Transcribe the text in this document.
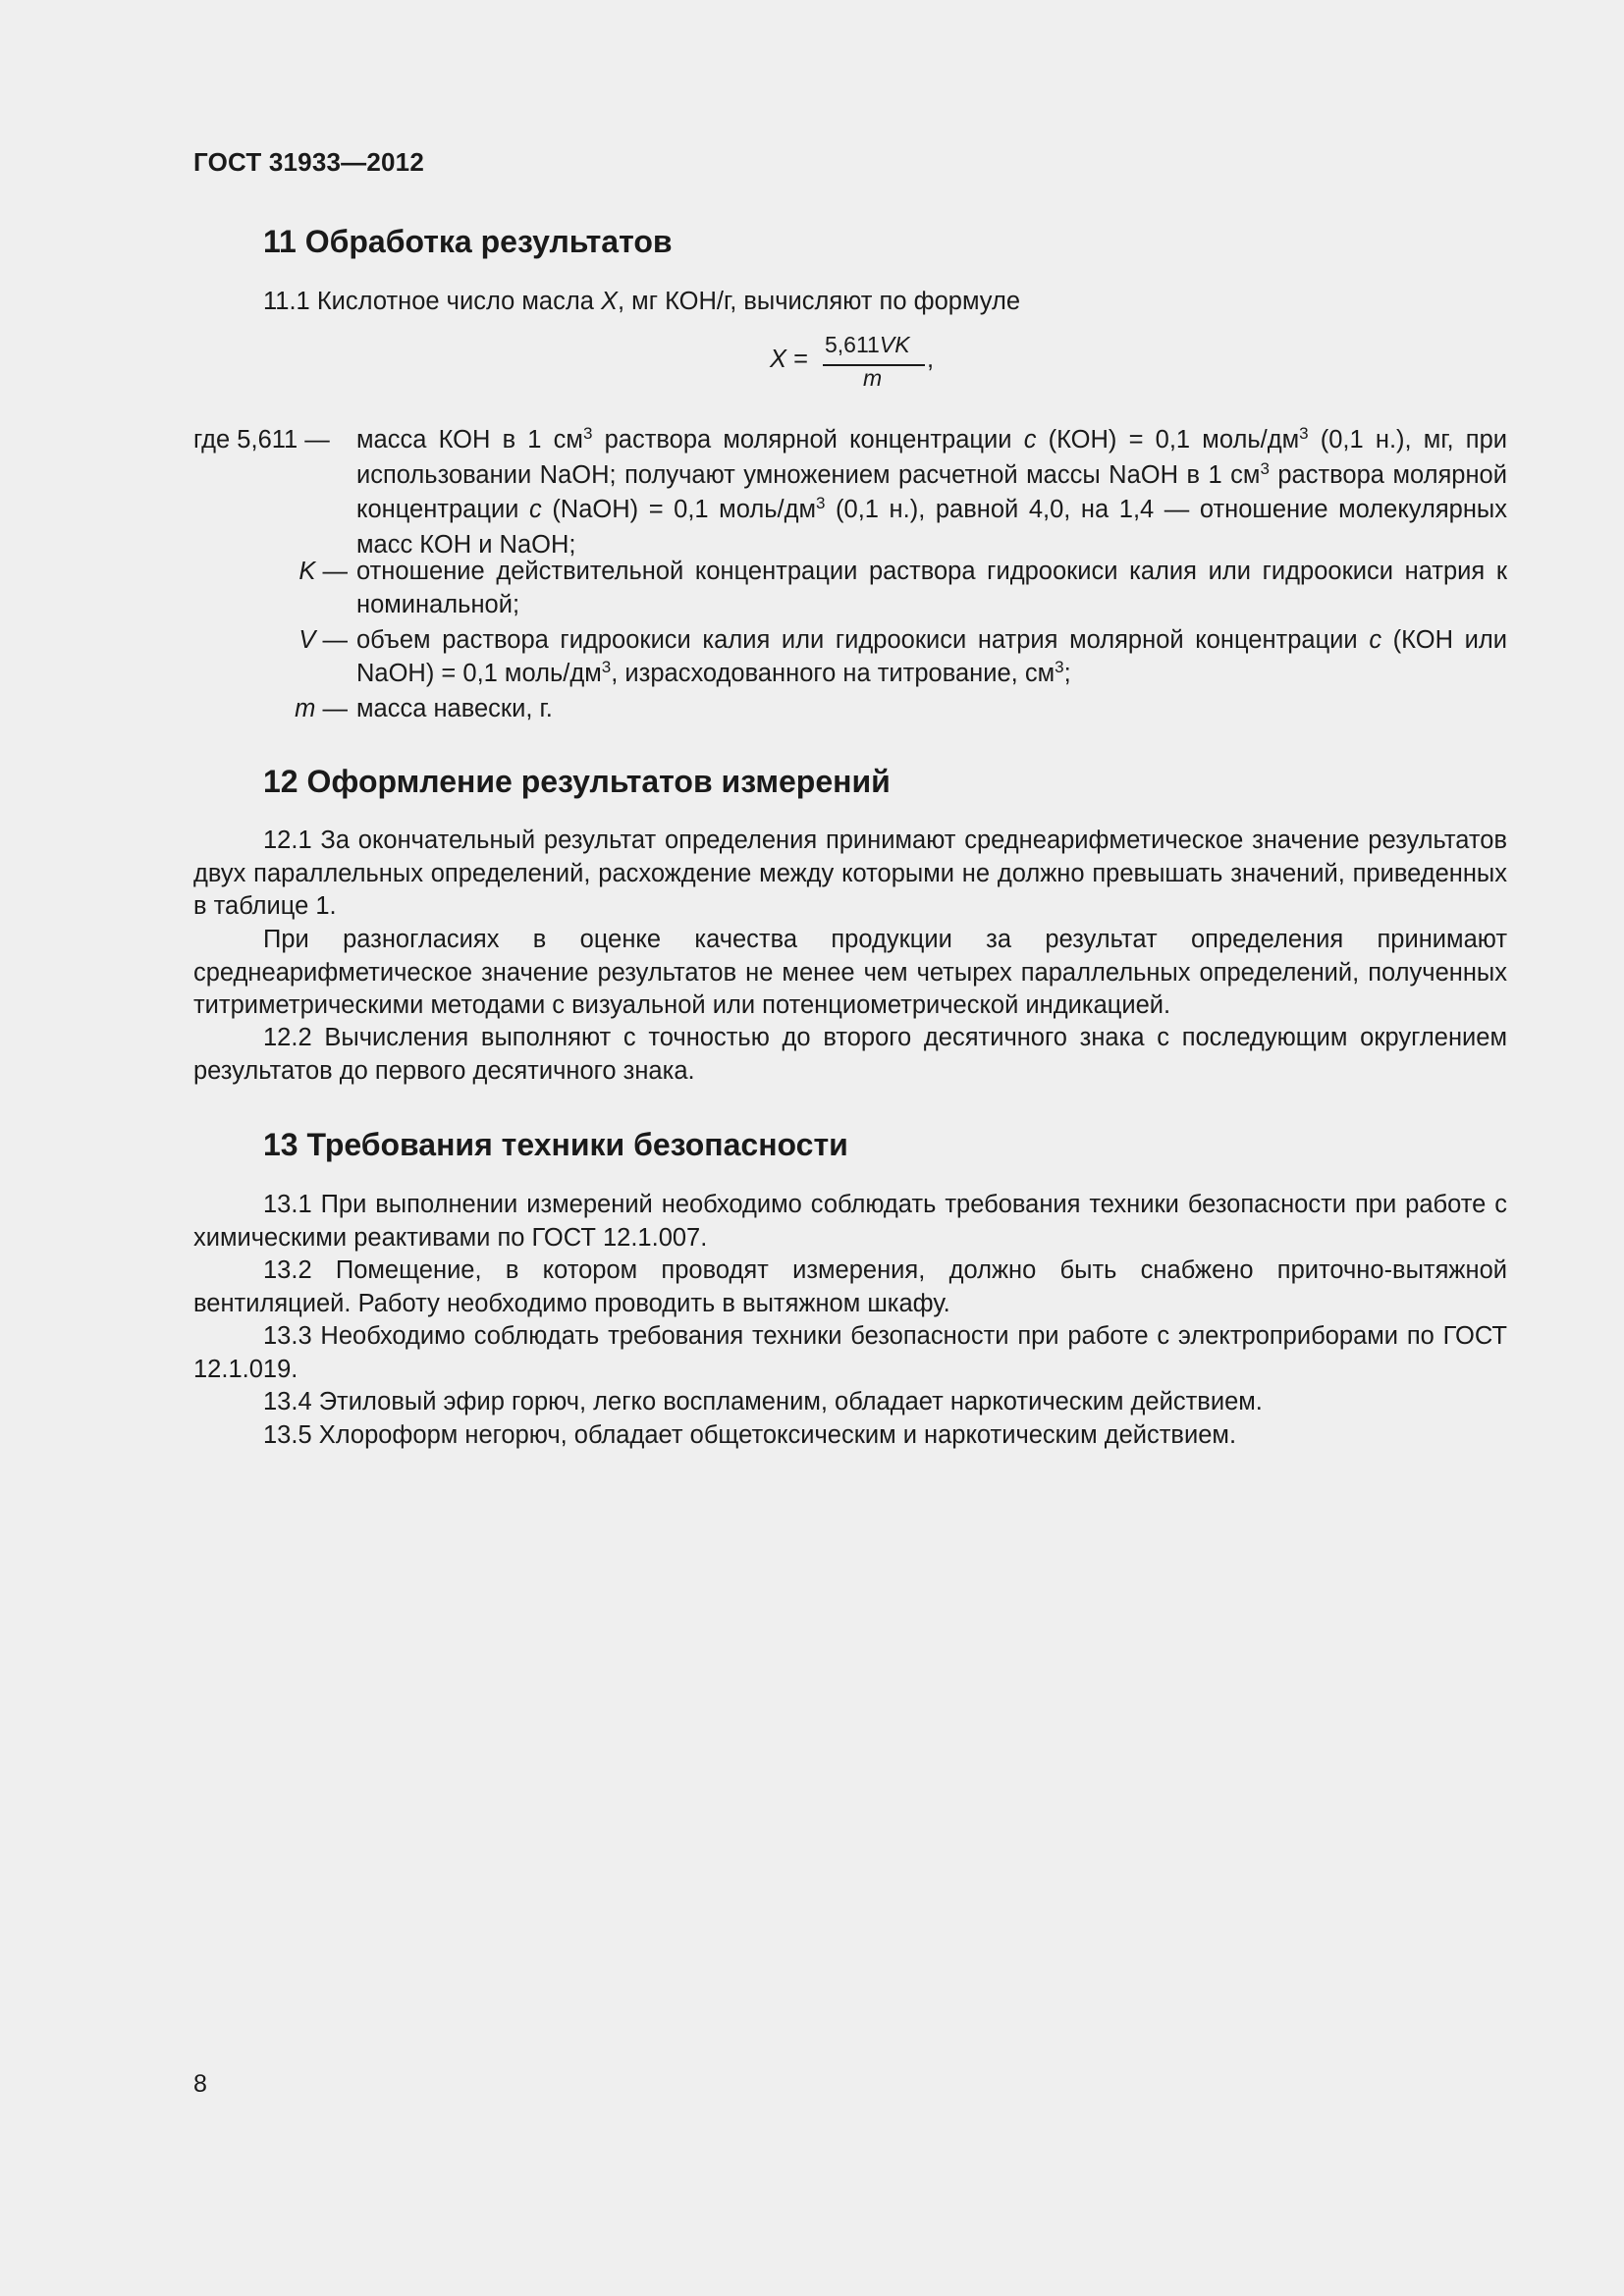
ГОСТ 31933—2012
11 Обработка результатов
11.1 Кислотное число масла X, мг КОН/г, вычисляют по формуле
X =
5,611VK
m
,
где 5,611 — масса КОН в 1 $см^3$ раствора молярной концентрации c (КОН) = 0,1 моль/$дм^3$ (0,1 н.), мг, при использовании NaOH; получают умножением расчетной массы NaOH в 1 $см^3$ раствора молярной концентрации c (NaOH) = 0,1 моль/$дм^3$ (0,1 н.), равной 4,0, на 1,4 — отношение молекулярных масс КОН и NaOH;
K — отношение действительной концентрации раствора гидроокиси калия или гидроокиси натрия к номинальной;
V — объем раствора гидроокиси калия или гидроокиси натрия молярной концентрации c (КОН или NaOH) = 0,1 моль/$дм^3$, израсходованного на титрование, $см^3$;
m — масса навески, г.
12 Оформление результатов измерений
12.1 За окончательный результат определения принимают среднеарифметическое значение результатов двух параллельных определений, расхождение между которыми не должно превышать значений, приведенных в таблице 1.
При разногласиях в оценке качества продукции за результат определения принимают среднеарифметическое значение результатов не менее чем четырех параллельных определений, полученных титриметрическими методами с визуальной или потенциометрической индикацией.
12.2 Вычисления выполняют с точностью до второго десятичного знака с последующим округлением результатов до первого десятичного знака.
13 Требования техники безопасности
13.1 При выполнении измерений необходимо соблюдать требования техники безопасности при работе с химическими реактивами по ГОСТ 12.1.007.
13.2 Помещение, в котором проводят измерения, должно быть снабжено приточно-вытяжной вентиляцией. Работу необходимо проводить в вытяжном шкафу.
13.3 Необходимо соблюдать требования техники безопасности при работе с электроприборами по ГОСТ 12.1.019.
13.4 Этиловый эфир горюч, легко воспламеним, обладает наркотическим действием.
13.5 Хлороформ негорюч, обладает общетоксическим и наркотическим действием.
8
